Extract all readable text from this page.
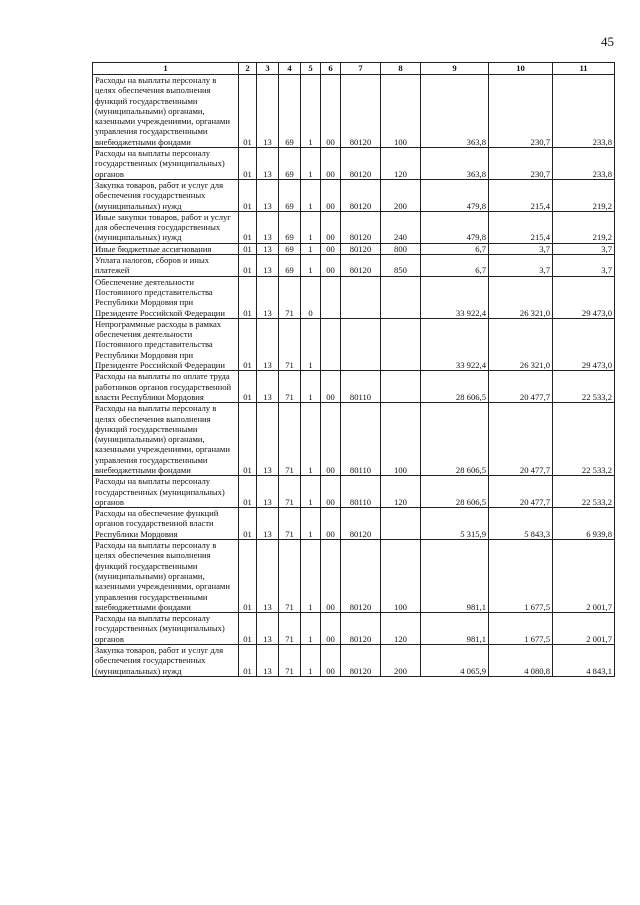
45
1	2	3	4	5	6	7	8	9	10	11
Расходы на выплаты персоналу в целях обеспечения выполнения функций государственными (муниципальными) органами, казенными учреждениями, органами управления государственными внебюджетными фондами	01	13	69	1	00	80120	100	363,8	230,7	233,8
Расходы на выплаты персоналу государственных (муниципальных) органов	01	13	69	1	00	80120	120	363,8	230,7	233,8
Закупка товаров, работ и услуг для обеспечения государственных (муниципальных) нужд	01	13	69	1	00	80120	200	479,8	215,4	219,2
Иные закупки товаров, работ и услуг для обеспечения государственных (муниципальных) нужд	01	13	69	1	00	80120	240	479,8	215,4	219,2
Иные бюджетные ассигнования	01	13	69	1	00	80120	800	6,7	3,7	3,7
Уплата налогов, сборов и иных платежей	01	13	69	1	00	80120	850	6,7	3,7	3,7
Обеспечение деятельности Постоянного представительства Республики Мордовия при Президенте Российской Федерации	01	13	71	0				33 922,4	26 321,0	29 473,0
Непрограммные расходы в рамках обеспечения деятельности Постоянного представительства Республики Мордовия при Президенте Российской Федерации	01	13	71	1				33 922,4	26 321,0	29 473,0
Расходы на выплаты по оплате труда работников органов государственной власти Республики Мордовия	01	13	71	1	00	80110		28 606,5	20 477,7	22 533,2
Расходы на выплаты персоналу в целях обеспечения выполнения функций государственными (муниципальными) органами, казенными учреждениями, органами управления государственными внебюджетными фондами	01	13	71	1	00	80110	100	28 606,5	20 477,7	22 533,2
Расходы на выплаты персоналу государственных (муниципальных) органов	01	13	71	1	00	80110	120	28 606,5	20 477,7	22 533,2
Расходы на обеспечение функций органов государственной власти Республики Мордовия	01	13	71	1	00	80120		5 315,9	5 843,3	6 939,8
Расходы на выплаты персоналу в целях обеспечения выполнения функций государственными (муниципальными) органами, казенными учреждениями, органами управления государственными внебюджетными фондами	01	13	71	1	00	80120	100	981,1	1 677,5	2 001,7
Расходы на выплаты персоналу государственных (муниципальных) органов	01	13	71	1	00	80120	120	981,1	1 677,5	2 001,7
Закупка товаров, работ и услуг для обеспечения государственных (муниципальных) нужд	01	13	71	1	00	80120	200	4 065,9	4 080,8	4 843,1
